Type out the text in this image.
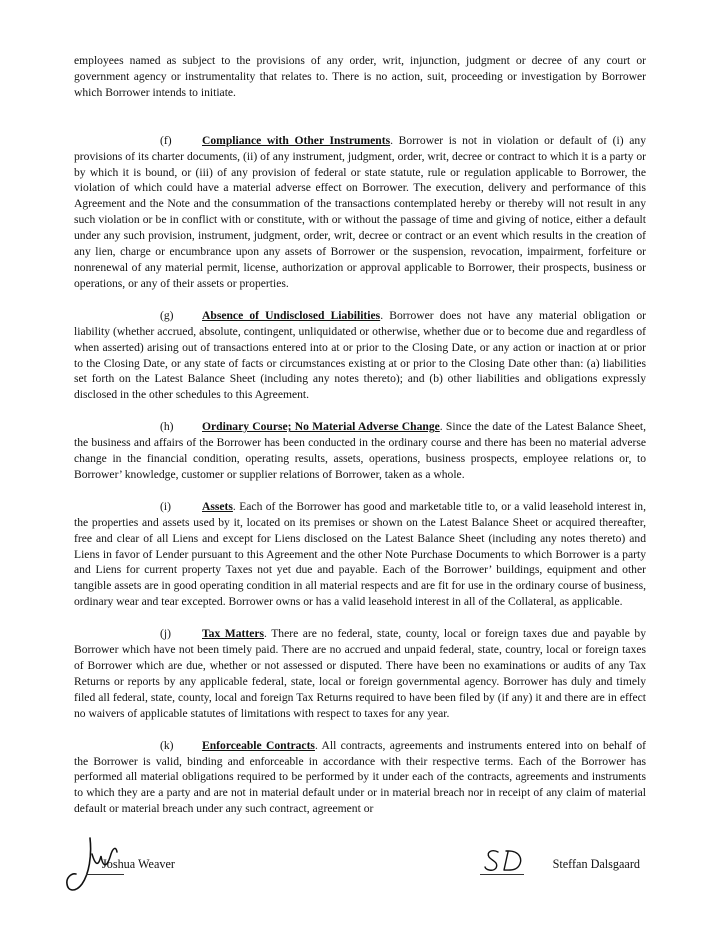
employees named as subject to the provisions of any order, writ, injunction, judgment or decree of any court or government agency or instrumentality that relates to. There is no action, suit, proceeding or investigation by Borrower which Borrower intends to initiate.

(f)	Compliance with Other Instruments. Borrower is not in violation or default of (i) any provisions of its charter documents, (ii) of any instrument, judgment, order, writ, decree or contract to which it is a party or by which it is bound, or (iii) of any provision of federal or state statute, rule or regulation applicable to Borrower, the violation of which could have a material adverse effect on Borrower. The execution, delivery and performance of this Agreement and the Note and the consummation of the transactions contemplated hereby or thereby will not result in any such violation or be in conflict with or constitute, with or without the passage of time and giving of notice, either a default under any such provision, instrument, judgment, order, writ, decree or contract or an event which results in the creation of any lien, charge or encumbrance upon any assets of Borrower or the suspension, revocation, impairment, forfeiture or nonrenewal of any material permit, license, authorization or approval applicable to Borrower, their prospects, business or operations, or any of their assets or properties.

(g) Absence of Undisclosed Liabilities. Borrower does not have any material obligation or liability (whether accrued, absolute, contingent, unliquidated or otherwise, whether due or to become due and regardless of when asserted) arising out of transactions entered into at or prior to the Closing Date, or any action or inaction at or prior to the Closing Date, or any state of facts or circumstances existing at or prior to the Closing Date other than: (a) liabilities set forth on the Latest Balance Sheet (including any notes thereto); and (b) other liabilities and obligations expressly disclosed in the other schedules to this Agreement.

(h) Ordinary Course; No Material Adverse Change. Since the date of the Latest Balance Sheet, the business and affairs of the Borrower has been conducted in the ordinary course and there has been no material adverse change in the financial condition, operating results, assets, operations, business prospects, employee relations or, to Borrower’ knowledge, customer or supplier relations of Borrower, taken as a whole.

(i)	Assets. Each of the Borrower has good and marketable title to, or a valid leasehold interest in, the properties and assets used by it, located on its premises or shown on the Latest Balance Sheet or acquired thereafter, free and clear of all Liens and except for Liens disclosed on the Latest Balance Sheet (including any notes thereto) and Liens in favor of Lender pursuant to this Agreement and the other Note Purchase Documents to which Borrower is a party and Liens for current property Taxes not yet due and payable. Each of the Borrower’ buildings, equipment and other tangible assets are in good operating condition in all material respects and are fit for use in the ordinary course of business, ordinary wear and tear excepted. Borrower owns or has a valid leasehold interest in all of the Collateral, as applicable.

(j)	Tax Matters. There are no federal, state, county, local or foreign taxes due and payable by Borrower which have not been timely paid. There are no accrued and unpaid federal, state, country, local or foreign taxes of Borrower which are due, whether or not assessed or disputed. There have been no examinations or audits of any Tax Returns or reports by any applicable federal, state, local or foreign governmental agency. Borrower has duly and timely filed all federal, state, county, local and foreign Tax Returns required to have been filed by (if any) it and there are in effect no waivers of applicable statutes of limitations with respect to taxes for any year.

(k) Enforceable Contracts. All contracts, agreements and instruments entered into on behalf of the Borrower is valid, binding and enforceable in accordance with their respective terms. Each of the Borrower has performed all material obligations required to be performed by it under each of the contracts, agreements and instruments to which they are a party and are not in material default under or in material breach nor in receipt of any claim of material default or material breach under any such contract, agreement or

Joshua Weaver	Steffan Dalsgaard
